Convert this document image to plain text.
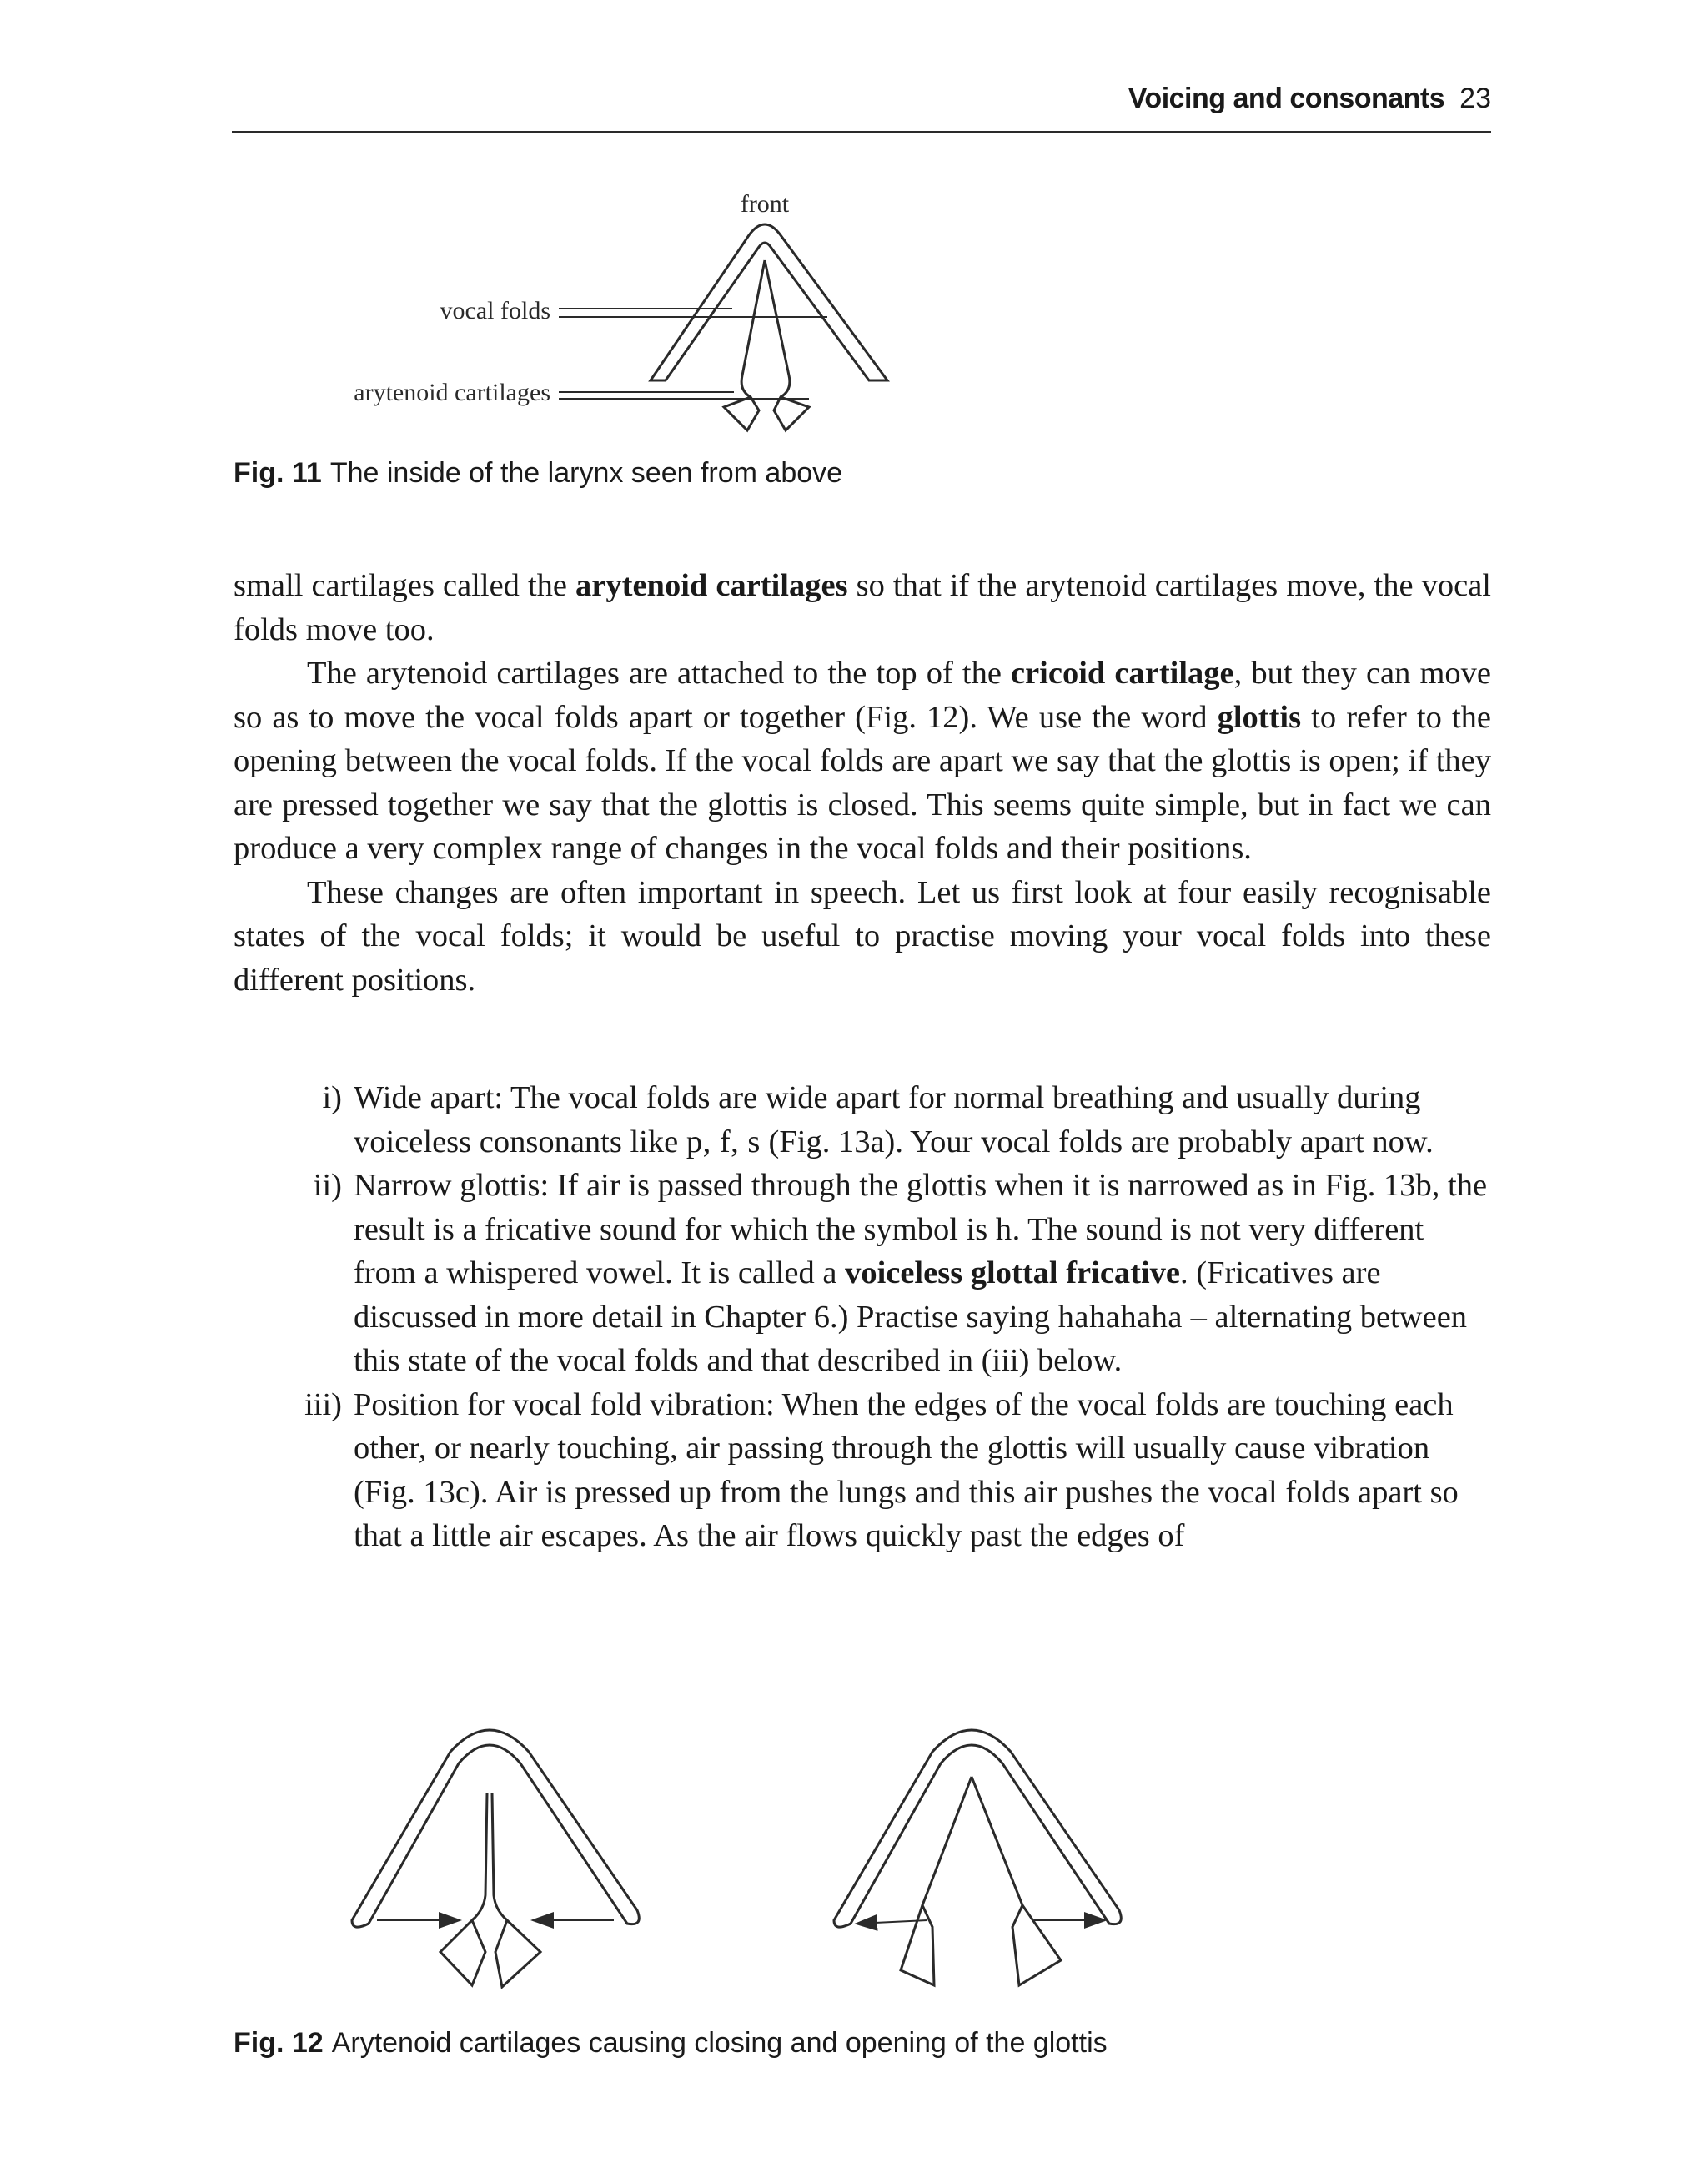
Voicing and consonants 23
front
vocal folds
arytenoid cartilages
Fig. 11 The inside of the larynx seen from above

small cartilages called the arytenoid cartilages so that if the arytenoid cartilages move, the vocal folds move too.

The arytenoid cartilages are attached to the top of the cricoid cartilage, but they can move so as to move the vocal folds apart or together (Fig. 12). We use the word glottis to refer to the opening between the vocal folds. If the vocal folds are apart we say that the glottis is open; if they are pressed together we say that the glottis is closed. This seems quite simple, but in fact we can produce a very complex range of changes in the vocal folds and their positions.

These changes are often important in speech. Let us first look at four easily recognisable states of the vocal folds; it would be useful to practise moving your vocal folds into these different positions.

i) Wide apart: The vocal folds are wide apart for normal breathing and usually during voiceless consonants like p, f, s (Fig. 13a). Your vocal folds are probably apart now.

ii) Narrow glottis: If air is passed through the glottis when it is narrowed as in Fig. 13b, the result is a fricative sound for which the symbol is h. The sound is not very different from a whispered vowel. It is called a voiceless glottal fricative. (Fricatives are discussed in more detail in Chapter 6.) Practise saying hahahaha – alternating between this state of the vocal folds and that described in (iii) below.

iii) Position for vocal fold vibration: When the edges of the vocal folds are touching each other, or nearly touching, air passing through the glottis will usually cause vibration (Fig. 13c). Air is pressed up from the lungs and this air pushes the vocal folds apart so that a little air escapes. As the air flows quickly past the edges of

Fig. 12 Arytenoid cartilages causing closing and opening of the glottis
